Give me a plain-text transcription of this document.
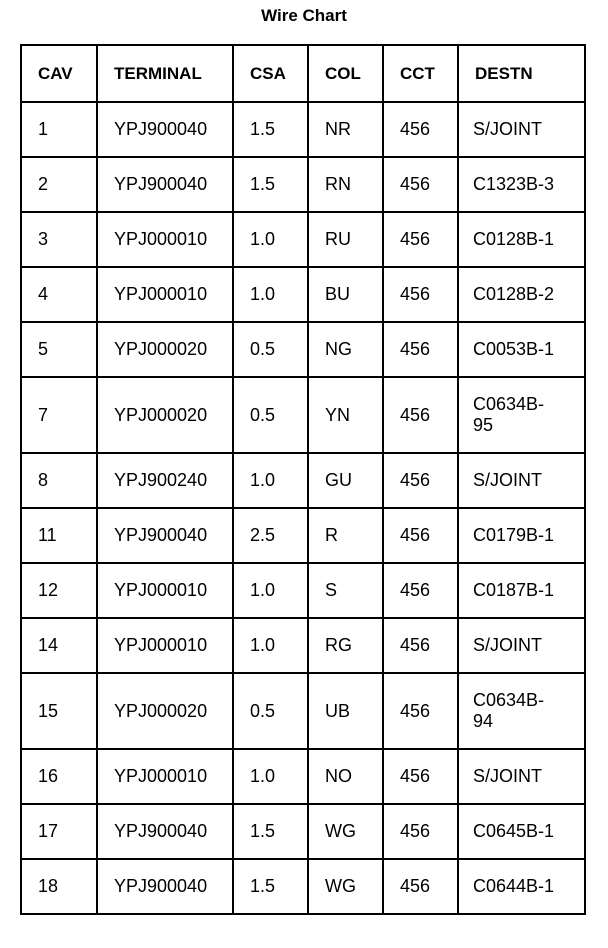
Wire Chart
CAV	TERMINAL	CSA	COL	CCT	DESTN
1	YPJ900040	1.5	NR	456	S/JOINT
2	YPJ900040	1.5	RN	456	C1323B-3
3	YPJ000010	1.0	RU	456	C0128B-1
4	YPJ000010	1.0	BU	456	C0128B-2
5	YPJ000020	0.5	NG	456	C0053B-1
7	YPJ000020	0.5	YN	456	C0634B-
95
8	YPJ900240	1.0	GU	456	S/JOINT
11	YPJ900040	2.5	R	456	C0179B-1
12	YPJ000010	1.0	S	456	C0187B-1
14	YPJ000010	1.0	RG	456	S/JOINT
15	YPJ000020	0.5	UB	456	C0634B-
94
16	YPJ000010	1.0	NO	456	S/JOINT
17	YPJ900040	1.5	WG	456	C0645B-1
18	YPJ900040	1.5	WG	456	C0644B-1
